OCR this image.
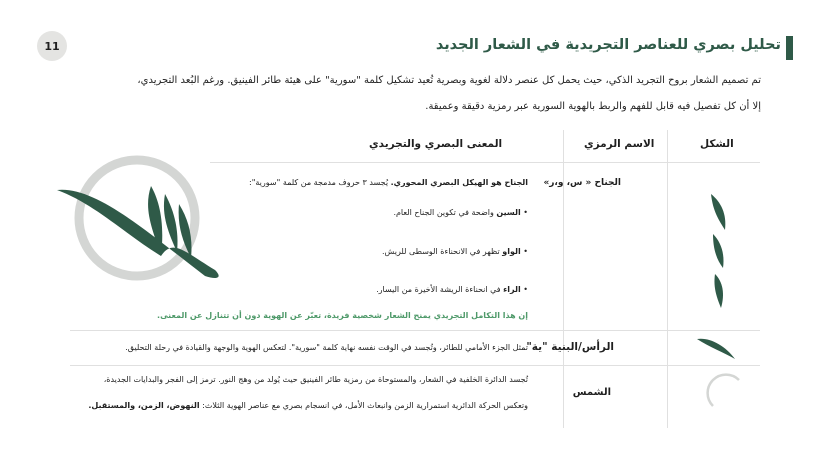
11	تحليل بصري للعناصر التجريدية في الشعار الجديد
تم تصميم الشعار بروح التجريد الذكي، حيث يحمل كل عنصر دلالة لغوية وبصرية تُعيد تشكيل كلمة "سورية" على هيئة طائر الفينيق. ورغم البُعد التجريدي،
إلا أن كل تفصيل فيه قابل للفهم والربط بالهوية السورية عبر رمزية دقيقة وعميقة.
الشكل
الاسم الرمزي
المعنى البصري والتجريدي
الجناح « س، و،ر»
الجناح هو الهيكل البصري المحوري. يُجسد ٣ حروف مدمجة من كلمة "سورية":
• السين واضحة في تكوين الجناح العام.
• الواو تظهر في الانحناءة الوسطى للريش.
• الراء في انحناءة الريشة الأخيرة من اليسار.
إن هذا التكامل التجريدي يمنح الشعار شخصية فريدة، تعبّر عن الهوية دون أن تتنازل عن المعنى.
الرأس/البنية "ية"
تمثل الجزء الأمامي للطائر، وتُجسد في الوقت نفسه نهاية كلمة "سورية". لتعكس الهوية والوجهة والقيادة في رحلة التحليق.
الشمس
تُجسد الدائرة الخلفية في الشعار، والمستوحاة من رمزية طائر الفينيق حيث يُولد من وهج النور. ترمز إلى الفجر والبدايات الجديدة،
وتعكس الحركة الدائرية استمرارية الزمن وانبعاث الأمل، في انسجام بصري مع عناصر الهوية الثلاث: النهوض، الزمن، والمستقبل.
